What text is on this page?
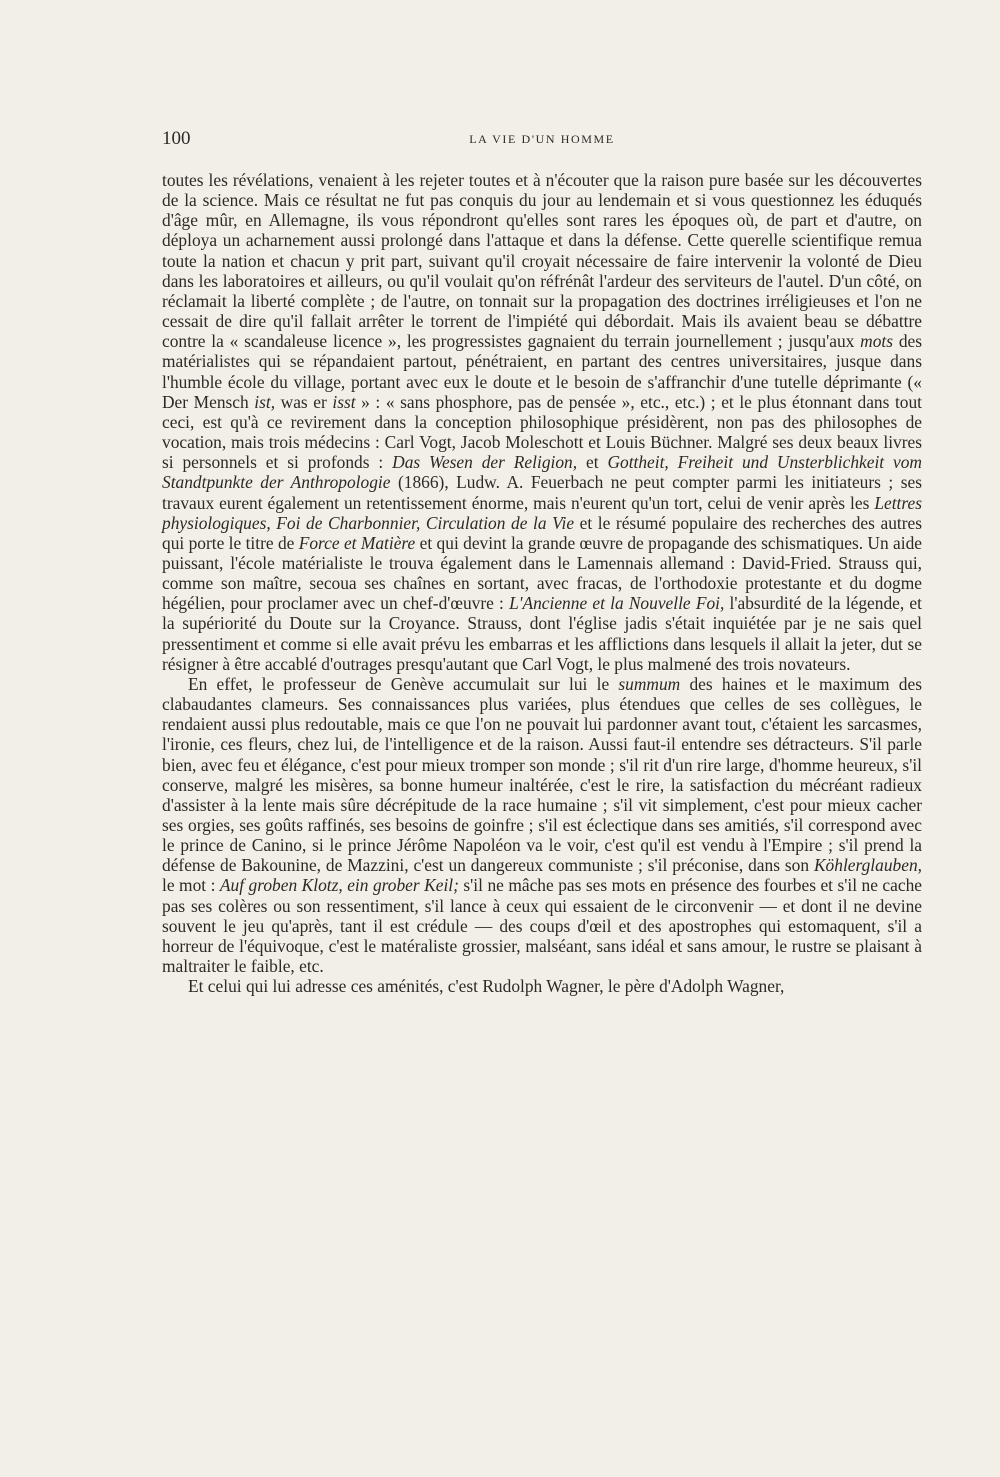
100	LA VIE D'UN HOMME

toutes les révélations, venaient à les rejeter toutes et à n'écouter que la raison pure basée sur les découvertes de la science. Mais ce résultat ne fut pas conquis du jour au lendemain et si vous questionnez les éduqués d'âge mûr, en Allemagne, ils vous répondront qu'elles sont rares les époques où, de part et d'autre, on déploya un acharnement aussi prolongé dans l'attaque et dans la défense. Cette querelle scientifique remua toute la nation et chacun y prit part, suivant qu'il croyait nécessaire de faire intervenir la volonté de Dieu dans les laboratoires et ailleurs, ou qu'il voulait qu'on réfrénât l'ardeur des serviteurs de l'autel. D'un côté, on réclamait la liberté complète ; de l'autre, on tonnait sur la propagation des doctrines irréligieuses et l'on ne cessait de dire qu'il fallait arrêter le torrent de l'impiété qui débordait. Mais ils avaient beau se débattre contre la « scandaleuse licence », les progressistes gagnaient du terrain journellement ; jusqu'aux mots des matérialistes qui se répandaient partout, pénétraient, en partant des centres universitaires, jusque dans l'humble école du village, portant avec eux le doute et le besoin de s'affranchir d'une tutelle déprimante (« Der Mensch ist, was er isst » : « sans phosphore, pas de pensée », etc., etc.) ; et le plus étonnant dans tout ceci, est qu'à ce revirement dans la conception philosophique présidèrent, non pas des philosophes de vocation, mais trois médecins : Carl Vogt, Jacob Moleschott et Louis Büchner. Malgré ses deux beaux livres si personnels et si profonds : Das Wesen der Religion, et Gottheit, Freiheit und Unsterblichkeit vom Standtpunkte der Anthropologie (1866), Ludw. A. Feuerbach ne peut compter parmi les initiateurs ; ses travaux eurent également un retentissement énorme, mais n'eurent qu'un tort, celui de venir après les Lettres physiologiques, Foi de Charbonnier, Circulation de la Vie et le résumé populaire des recherches des autres qui porte le titre de Force et Matière et qui devint la grande œuvre de propagande des schismatiques. Un aide puissant, l'école matérialiste le trouva également dans le Lamennais allemand : David-Fried. Strauss qui, comme son maître, secoua ses chaînes en sortant, avec fracas, de l'orthodoxie protestante et du dogme hégélien, pour proclamer avec un chef-d'œuvre : L'Ancienne et la Nouvelle Foi, l'absurdité de la légende, et la supériorité du Doute sur la Croyance. Strauss, dont l'église jadis s'était inquiétée par je ne sais quel pressentiment et comme si elle avait prévu les embarras et les afflictions dans lesquels il allait la jeter, dut se résigner à être accablé d'outrages presqu'autant que Carl Vogt, le plus malmené des trois novateurs.

En effet, le professeur de Genève accumulait sur lui le summum des haines et le maximum des clabaudantes clameurs. Ses connaissances plus variées, plus étendues que celles de ses collègues, le rendaient aussi plus redoutable, mais ce que l'on ne pouvait lui pardonner avant tout, c'étaient les sarcasmes, l'ironie, ces fleurs, chez lui, de l'intelligence et de la raison. Aussi faut-il entendre ses détracteurs. S'il parle bien, avec feu et élégance, c'est pour mieux tromper son monde ; s'il rit d'un rire large, d'homme heureux, s'il conserve, malgré les misères, sa bonne humeur inaltérée, c'est le rire, la satisfaction du mécréant radieux d'assister à la lente mais sûre décrépitude de la race humaine ; s'il vit simplement, c'est pour mieux cacher ses orgies, ses goûts raffinés, ses besoins de goinfre ; s'il est éclectique dans ses amitiés, s'il correspond avec le prince de Canino, si le prince Jérôme Napoléon va le voir, c'est qu'il est vendu à l'Empire ; s'il prend la défense de Bakounine, de Mazzini, c'est un dangereux communiste ; s'il préconise, dans son Köhlerglauben, le mot : Auf groben Klotz, ein grober Keil; s'il ne mâche pas ses mots en présence des fourbes et s'il ne cache pas ses colères ou son ressentiment, s'il lance à ceux qui essaient de le circonvenir — et dont il ne devine souvent le jeu qu'après, tant il est crédule — des coups d'œil et des apostrophes qui estomaquent, s'il a horreur de l'équivoque, c'est le matéraliste grossier, malséant, sans idéal et sans amour, le rustre se plaisant à maltraiter le faible, etc.

Et celui qui lui adresse ces aménités, c'est Rudolph Wagner, le père d'Adolph Wagner,
